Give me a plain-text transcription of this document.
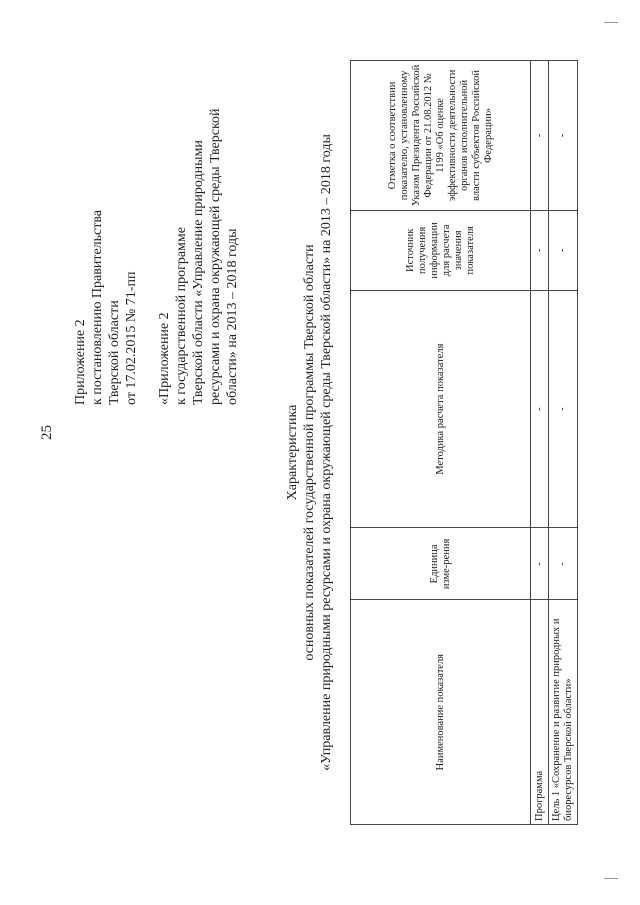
25

Приложение 2 к постановлению Правительства Тверской области от 17.02.2015 № 71-пп «Приложение 2 к государственной программе Тверской области «Управление природными ресурсами и охрана окружающей среды Тверской области» на 2013 – 2018 годы

Характеристика основных показателей государственной программы Тверской области «Управление природными ресурсами и охрана окружающей среды Тверской области» на 2013 – 2018 годы	Наименование показателя	Единица изме-рения	Методика расчета показателя	Источник получения информации для расчета значения показателя	Отметка о соответствии показателю, установленному Указом Президента Российской Федерации от 21.08.2012 № 1199 «Об оценке эффективности деятельности органов исполнительной власти субъектов Российской Федерации»
Программа	-	-	-	-
Цель 1 «Сохранение и развитие природных и биоресурсов Тверской области»	-	-	-	-
